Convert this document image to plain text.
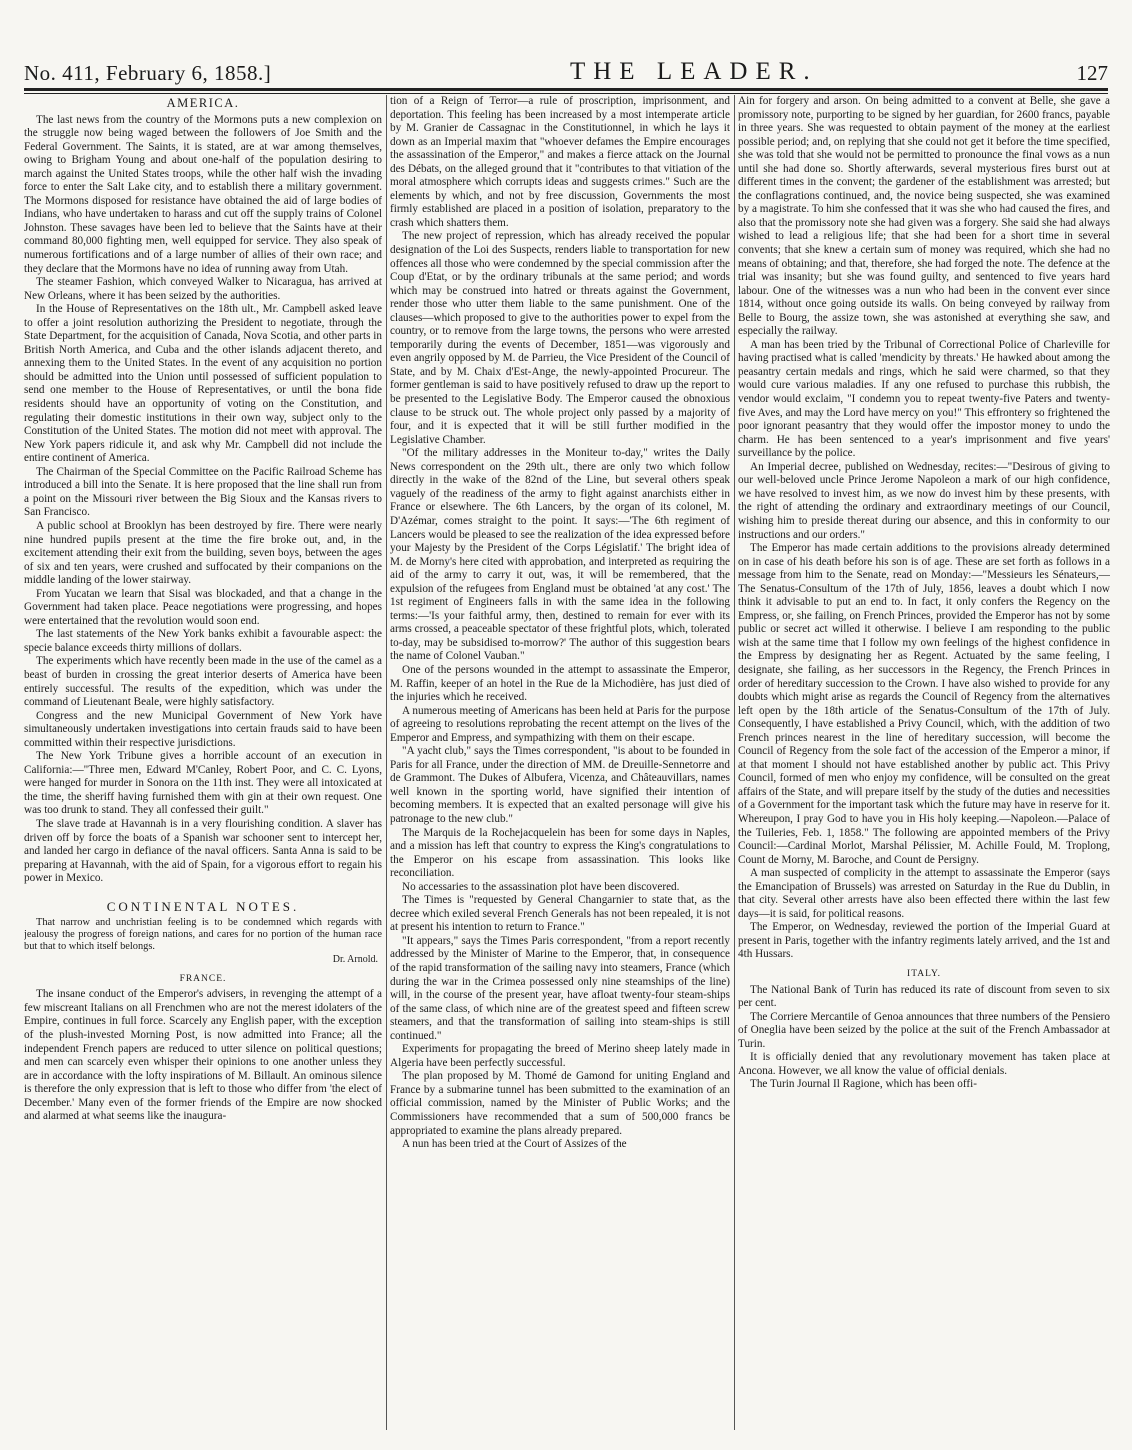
No. 411, February 6, 1858.]	THE LEADER.	127
AMERICA.

The last news from the country of the Mormons puts a new complexion on the struggle now being waged between the followers of Joe Smith and the Federal Government. The Saints, it is stated, are at war among themselves, owing to Brigham Young and about one-half of the population desiring to march against the United States troops, while the other half wish the invading force to enter the Salt Lake city, and to establish there a military government. The Mormons disposed for resistance have obtained the aid of large bodies of Indians, who have undertaken to harass and cut off the supply trains of Colonel Johnston. These savages have been led to believe that the Saints have at their command 80,000 fighting men, well equipped for service. They also speak of numerous fortifications and of a large number of allies of their own race; and they declare that the Mormons have no idea of running away from Utah.

The steamer Fashion, which conveyed Walker to Nicaragua, has arrived at New Orleans, where it has been seized by the authorities.

In the House of Representatives on the 18th ult., Mr. Campbell asked leave to offer a joint resolution authorizing the President to negotiate, through the State Department, for the acquisition of Canada, Nova Scotia, and other parts in British North America, and Cuba and the other islands adjacent thereto, and annexing them to the United States. In the event of any acquisition no portion should be admitted into the Union until possessed of sufficient population to send one member to the House of Representatives, or until the bona fide residents should have an opportunity of voting on the Constitution, and regulating their domestic institutions in their own way, subject only to the Constitution of the United States. The motion did not meet with approval. The New York papers ridicule it, and ask why Mr. Campbell did not include the entire continent of America.

The Chairman of the Special Committee on the Pacific Railroad Scheme has introduced a bill into the Senate. It is here proposed that the line shall run from a point on the Missouri river between the Big Sioux and the Kansas rivers to San Francisco.

A public school at Brooklyn has been destroyed by fire. There were nearly nine hundred pupils present at the time the fire broke out, and, in the excitement attending their exit from the building, seven boys, between the ages of six and ten years, were crushed and suffocated by their companions on the middle landing of the lower stairway.

From Yucatan we learn that Sisal was blockaded, and that a change in the Government had taken place. Peace negotiations were progressing, and hopes were entertained that the revolution would soon end.

The last statements of the New York banks exhibit a favourable aspect: the specie balance exceeds thirty millions of dollars.

The experiments which have recently been made in the use of the camel as a beast of burden in crossing the great interior deserts of America have been entirely successful. The results of the expedition, which was under the command of Lieutenant Beale, were highly satisfactory.

Congress and the new Municipal Government of New York have simultaneously undertaken investigations into certain frauds said to have been committed within their respective jurisdictions.

The New York Tribune gives a horrible account of an execution in California:—"Three men, Edward M'Canley, Robert Poor, and C. C. Lyons, were hanged for murder in Sonora on the 11th inst. They were all intoxicated at the time, the sheriff having furnished them with gin at their own request. One was too drunk to stand. They all confessed their guilt."

The slave trade at Havannah is in a very flourishing condition. A slaver has driven off by force the boats of a Spanish war schooner sent to intercept her, and landed her cargo in defiance of the naval officers. Santa Anna is said to be preparing at Havannah, with the aid of Spain, for a vigorous effort to regain his power in Mexico.

CONTINENTAL NOTES.

That narrow and unchristian feeling is to be condemned which regards with jealousy the progress of foreign nations, and cares for no portion of the human race but that to which itself belongs.

Dr. Arnold.
FRANCE.

The insane conduct of the Emperor's advisers, in revenging the attempt of a few miscreant Italians on all Frenchmen who are not the merest idolaters of the Empire, continues in full force. Scarcely any English paper, with the exception of the plush-invested Morning Post, is now admitted into France; all the independent French papers are reduced to utter silence on political questions; and men can scarcely even whisper their opinions to one another unless they are in accordance with the lofty inspirations of M. Billault. An ominous silence is therefore the only expression that is left to those who differ from 'the elect of December.' Many even of the former friends of the Empire are now shocked and alarmed at what seems like the inaugura-

tion of a Reign of Terror—a rule of proscription, imprisonment, and deportation. This feeling has been increased by a most intemperate article by M. Granier de Cassagnac in the Constitutionnel, in which he lays it down as an Imperial maxim that "whoever defames the Empire encourages the assassination of the Emperor," and makes a fierce attack on the Journal des Débats, on the alleged ground that it "contributes to that vitiation of the moral atmosphere which corrupts ideas and suggests crimes." Such are the elements by which, and not by free discussion, Governments the most firmly established are placed in a position of isolation, preparatory to the crash which shatters them.

The new project of repression, which has already received the popular designation of the Loi des Suspects, renders liable to transportation for new offences all those who were condemned by the special commission after the Coup d'Etat, or by the ordinary tribunals at the same period; and words which may be construed into hatred or threats against the Government, render those who utter them liable to the same punishment. One of the clauses—which proposed to give to the authorities power to expel from the country, or to remove from the large towns, the persons who were arrested temporarily during the events of December, 1851—was vigorously and even angrily opposed by M. de Parrieu, the Vice President of the Council of State, and by M. Chaix d'Est-Ange, the newly-appointed Procureur. The former gentleman is said to have positively refused to draw up the report to be presented to the Legislative Body. The Emperor caused the obnoxious clause to be struck out. The whole project only passed by a majority of four, and it is expected that it will be still further modified in the Legislative Chamber.

"Of the military addresses in the Moniteur to-day," writes the Daily News correspondent on the 29th ult., there are only two which follow directly in the wake of the 82nd of the Line, but several others speak vaguely of the readiness of the army to fight against anarchists either in France or elsewhere. The 6th Lancers, by the organ of its colonel, M. D'Azémar, comes straight to the point. It says:—'The 6th regiment of Lancers would be pleased to see the realization of the idea expressed before your Majesty by the President of the Corps Législatif.' The bright idea of M. de Morny's here cited with approbation, and interpreted as requiring the aid of the army to carry it out, was, it will be remembered, that the expulsion of the refugees from England must be obtained 'at any cost.' The 1st regiment of Engineers falls in with the same idea in the following terms:—'Is your faithful army, then, destined to remain for ever with its arms crossed, a peaceable spectator of these frightful plots, which, tolerated to-day, may be subsidised to-morrow?' The author of this suggestion bears the name of Colonel Vauban."

One of the persons wounded in the attempt to assassinate the Emperor, M. Raffin, keeper of an hotel in the Rue de la Michodière, has just died of the injuries which he received.

A numerous meeting of Americans has been held at Paris for the purpose of agreeing to resolutions reprobating the recent attempt on the lives of the Emperor and Empress, and sympathizing with them on their escape.

"A yacht club," says the Times correspondent, "is about to be founded in Paris for all France, under the direction of MM. de Dreuille-Sennetorre and de Grammont. The Dukes of Albufera, Vicenza, and Châteauvillars, names well known in the sporting world, have signified their intention of becoming members. It is expected that an exalted personage will give his patronage to the new club."

The Marquis de la Rochejacquelein has been for some days in Naples, and a mission has left that country to express the King's congratulations to the Emperor on his escape from assassination. This looks like reconciliation.

No accessaries to the assassination plot have been discovered.

The Times is "requested by General Changarnier to state that, as the decree which exiled several French Generals has not been repealed, it is not at present his intention to return to France."

"It appears," says the Times Paris correspondent, "from a report recently addressed by the Minister of Marine to the Emperor, that, in consequence of the rapid transformation of the sailing navy into steamers, France (which during the war in the Crimea possessed only nine steamships of the line) will, in the course of the present year, have afloat twenty-four steam-ships of the same class, of which nine are of the greatest speed and fifteen screw steamers, and that the transformation of sailing into steam-ships is still continued."

Experiments for propagating the breed of Merino sheep lately made in Algeria have been perfectly successful.

The plan proposed by M. Thomé de Gamond for uniting England and France by a submarine tunnel has been submitted to the examination of an official commission, named by the Minister of Public Works; and the Commissioners have recommended that a sum of 500,000 francs be appropriated to examine the plans already prepared.

A nun has been tried at the Court of Assizes of the

Ain for forgery and arson. On being admitted to a convent at Belle, she gave a promissory note, purporting to be signed by her guardian, for 2600 francs, payable in three years. She was requested to obtain payment of the money at the earliest possible period; and, on replying that she could not get it before the time specified, she was told that she would not be permitted to pronounce the final vows as a nun until she had done so. Shortly afterwards, several mysterious fires burst out at different times in the convent; the gardener of the establishment was arrested; but the conflagrations continued, and, the novice being suspected, she was examined by a magistrate. To him she confessed that it was she who had caused the fires, and also that the promissory note she had given was a forgery. She said she had always wished to lead a religious life; that she had been for a short time in several convents; that she knew a certain sum of money was required, which she had no means of obtaining; and that, therefore, she had forged the note. The defence at the trial was insanity; but she was found guilty, and sentenced to five years hard labour. One of the witnesses was a nun who had been in the convent ever since 1814, without once going outside its walls. On being conveyed by railway from Belle to Bourg, the assize town, she was astonished at everything she saw, and especially the railway.

A man has been tried by the Tribunal of Correctional Police of Charleville for having practised what is called 'mendicity by threats.' He hawked about among the peasantry certain medals and rings, which he said were charmed, so that they would cure various maladies. If any one refused to purchase this rubbish, the vendor would exclaim, "I condemn you to repeat twenty-five Paters and twenty-five Aves, and may the Lord have mercy on you!" This effrontery so frightened the poor ignorant peasantry that they would offer the impostor money to undo the charm. He has been sentenced to a year's imprisonment and five years' surveillance by the police.

An Imperial decree, published on Wednesday, recites:—"Desirous of giving to our well-beloved uncle Prince Jerome Napoleon a mark of our high confidence, we have resolved to invest him, as we now do invest him by these presents, with the right of attending the ordinary and extraordinary meetings of our Council, wishing him to preside thereat during our absence, and this in conformity to our instructions and our orders."

The Emperor has made certain additions to the provisions already determined on in case of his death before his son is of age. These are set forth as follows in a message from him to the Senate, read on Monday:—"Messieurs les Sénateurs,—The Senatus-Consultum of the 17th of July, 1856, leaves a doubt which I now think it advisable to put an end to. In fact, it only confers the Regency on the Empress, or, she failing, on French Princes, provided the Emperor has not by some public or secret act willed it otherwise. I believe I am responding to the public wish at the same time that I follow my own feelings of the highest confidence in the Empress by designating her as Regent. Actuated by the same feeling, I designate, she failing, as her successors in the Regency, the French Princes in order of hereditary succession to the Crown. I have also wished to provide for any doubts which might arise as regards the Council of Regency from the alternatives left open by the 18th article of the Senatus-Consultum of the 17th of July. Consequently, I have established a Privy Council, which, with the addition of two French princes nearest in the line of hereditary succession, will become the Council of Regency from the sole fact of the accession of the Emperor a minor, if at that moment I should not have established another by public act. This Privy Council, formed of men who enjoy my confidence, will be consulted on the great affairs of the State, and will prepare itself by the study of the duties and necessities of a Government for the important task which the future may have in reserve for it. Whereupon, I pray God to have you in His holy keeping.—Napoleon.—Palace of the Tuileries, Feb. 1, 1858." The following are appointed members of the Privy Council:—Cardinal Morlot, Marshal Pélissier, M. Achille Fould, M. Troplong, Count de Morny, M. Baroche, and Count de Persigny.

A man suspected of complicity in the attempt to assassinate the Emperor (says the Emancipation of Brussels) was arrested on Saturday in the Rue du Dublin, in that city. Several other arrests have also been effected there within the last few days—it is said, for political reasons.

The Emperor, on Wednesday, reviewed the portion of the Imperial Guard at present in Paris, together with the infantry regiments lately arrived, and the 1st and 4th Hussars.

ITALY.

The National Bank of Turin has reduced its rate of discount from seven to six per cent.

The Corriere Mercantile of Genoa announces that three numbers of the Pensiero of Oneglia have been seized by the police at the suit of the French Ambassador at Turin.

It is officially denied that any revolutionary movement has taken place at Ancona. However, we all know the value of official denials.

The Turin Journal Il Ragione, which has been offi-
